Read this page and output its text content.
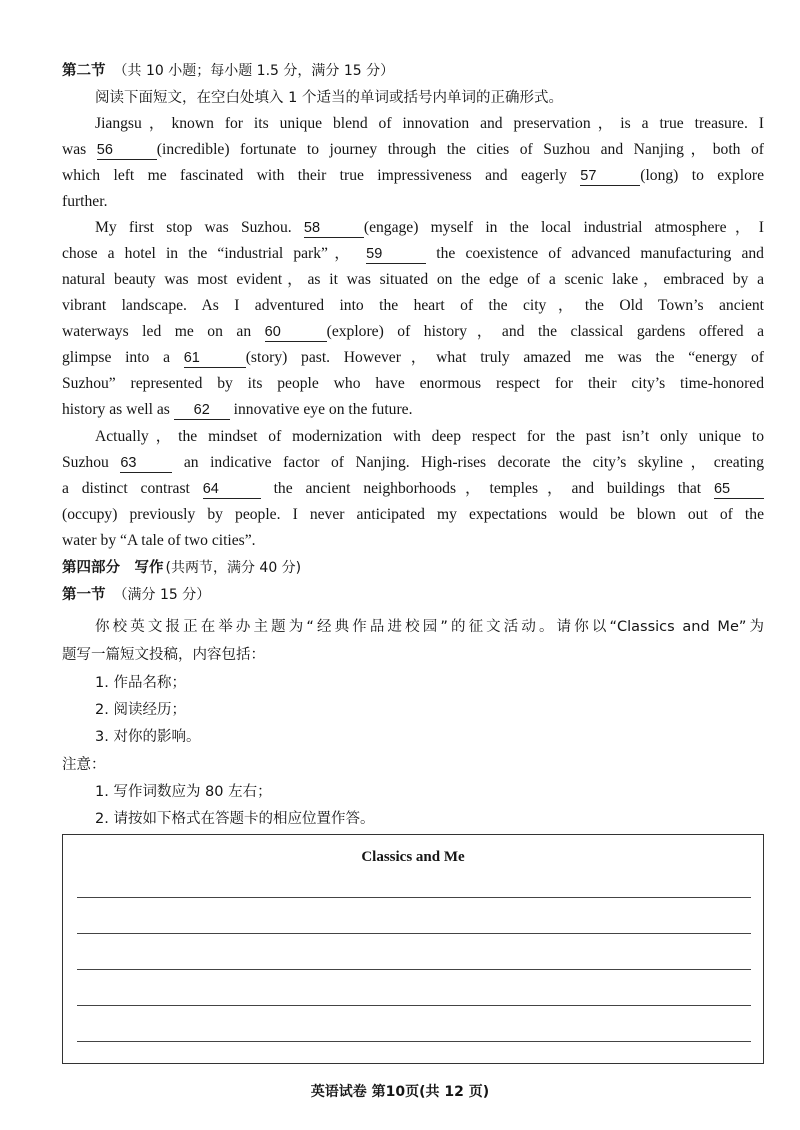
第二节 （共 10 小题；每小题 1.5 分，满分 15 分）
阅读下面短文，在空白处填入 1 个适当的单词或括号内单词的正确形式。
Jiangsu，known for its unique blend of innovation and preservation，is a true treasure. I
was 56	(incredible) fortunate to journey through the cities of Suzhou and Nanjing，both of
which left me fascinated with their true impressiveness and eagerly 57	(long) to explore
further.
My first stop was Suzhou. 58	(engage) myself in the local industrial atmosphere，I
chose a hotel in the “industrial park”， 59	the coexistence of advanced manufacturing and
natural beauty was most evident，as it was situated on the edge of a scenic lake，embraced by a
vibrant landscape. As I adventured into the heart of the city，the Old Town’s ancient
waterways led me on an 60	(explore) of history，and the classical gardens offered a
glimpse into a 61	(story) past. However，what truly amazed me was the “energy of
Suzhou” represented by its people who have enormous respect for their city’s time-honored
history as well as 62 innovative eye on the future.
Actually，the mindset of modernization with deep respect for the past isn’t only unique to
Suzhou 63	an indicative factor of Nanjing. High-rises decorate the city’s skyline，creating
a distinct contrast 64	the ancient neighborhoods，temples，and buildings that 65
(occupy) previously by people. I never anticipated my expectations would be blown out of the
water by “A tale of two cities”.
第四部分　写作 (共两节，满分 40 分)
第一节 （满分 15 分）
你校英文报正在举办主题为“经典作品进校园”的征文活动。请你以“Classics and Me”为
题写一篇短文投稿，内容包括：
1. 作品名称；
2. 阅读经历；
3. 对你的影响。
注意：
1. 写作词数应为 80 左右；
2. 请按如下格式在答题卡的相应位置作答。
Classics and Me
英语试卷 第10页(共 12 页)
